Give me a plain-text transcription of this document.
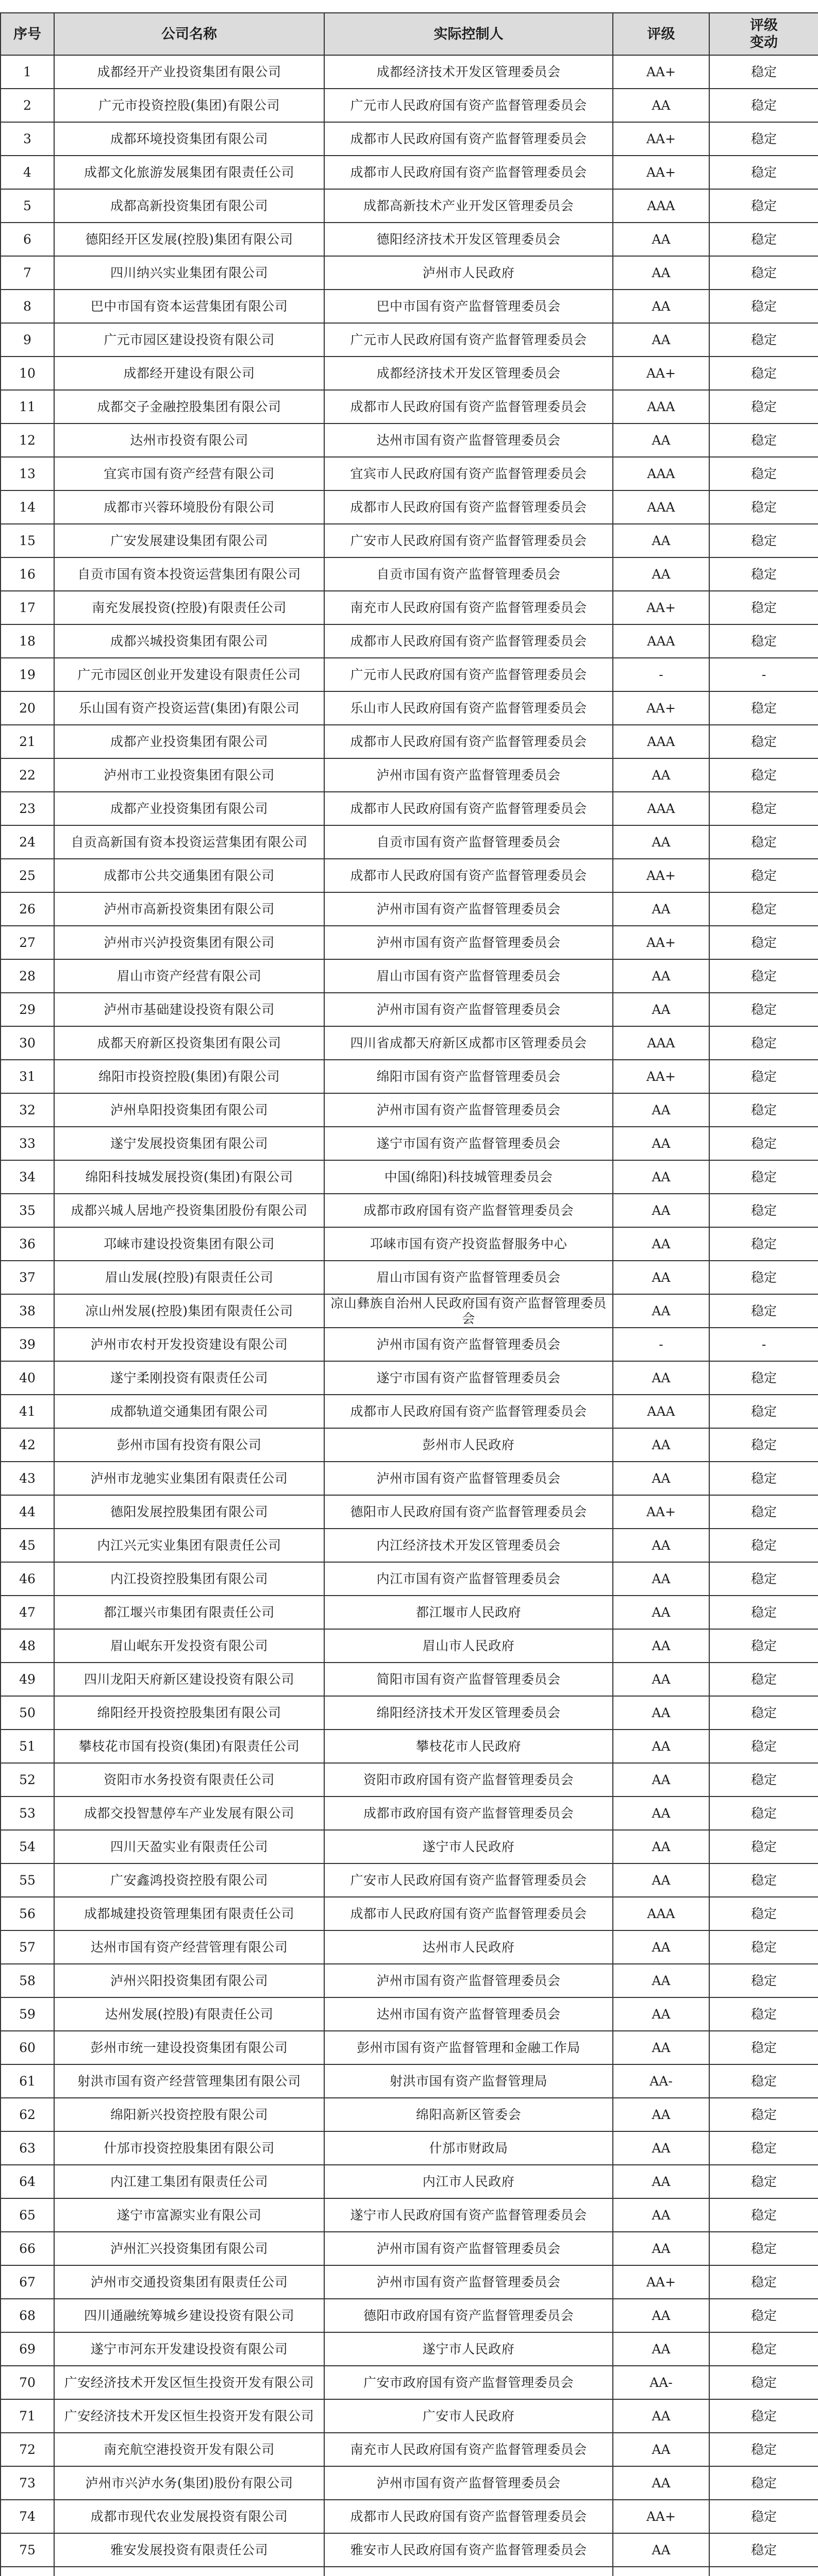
序号	公司名称	实际控制人	评级	评级
变动
1	成都经开产业投资集团有限公司	成都经济技术开发区管理委员会	AA+	稳定
2	广元市投资控股(集团)有限公司	广元市人民政府国有资产监督管理委员会	AA	稳定
3	成都环境投资集团有限公司	成都市人民政府国有资产监督管理委员会	AA+	稳定
4	成都文化旅游发展集团有限责任公司	成都市人民政府国有资产监督管理委员会	AA+	稳定
5	成都高新投资集团有限公司	成都高新技术产业开发区管理委员会	AAA	稳定
6	德阳经开区发展(控股)集团有限公司	德阳经济技术开发区管理委员会	AA	稳定
7	四川纳兴实业集团有限公司	泸州市人民政府	AA	稳定
8	巴中市国有资本运营集团有限公司	巴中市国有资产监督管理委员会	AA	稳定
9	广元市园区建设投资有限公司	广元市人民政府国有资产监督管理委员会	AA	稳定
10	成都经开建设有限公司	成都经济技术开发区管理委员会	AA+	稳定
11	成都交子金融控股集团有限公司	成都市人民政府国有资产监督管理委员会	AAA	稳定
12	达州市投资有限公司	达州市国有资产监督管理委员会	AA	稳定
13	宜宾市国有资产经营有限公司	宜宾市人民政府国有资产监督管理委员会	AAA	稳定
14	成都市兴蓉环境股份有限公司	成都市人民政府国有资产监督管理委员会	AAA	稳定
15	广安发展建设集团有限公司	广安市人民政府国有资产监督管理委员会	AA	稳定
16	自贡市国有资本投资运营集团有限公司	自贡市国有资产监督管理委员会	AA	稳定
17	南充发展投资(控股)有限责任公司	南充市人民政府国有资产监督管理委员会	AA+	稳定
18	成都兴城投资集团有限公司	成都市人民政府国有资产监督管理委员会	AAA	稳定
19	广元市园区创业开发建设有限责任公司	广元市人民政府国有资产监督管理委员会	-	-
20	乐山国有资产投资运营(集团)有限公司	乐山市人民政府国有资产监督管理委员会	AA+	稳定
21	成都产业投资集团有限公司	成都市人民政府国有资产监督管理委员会	AAA	稳定
22	泸州市工业投资集团有限公司	泸州市国有资产监督管理委员会	AA	稳定
23	成都产业投资集团有限公司	成都市人民政府国有资产监督管理委员会	AAA	稳定
24	自贡高新国有资本投资运营集团有限公司	自贡市国有资产监督管理委员会	AA	稳定
25	成都市公共交通集团有限公司	成都市人民政府国有资产监督管理委员会	AA+	稳定
26	泸州市高新投资集团有限公司	泸州市国有资产监督管理委员会	AA	稳定
27	泸州市兴泸投资集团有限公司	泸州市国有资产监督管理委员会	AA+	稳定
28	眉山市资产经营有限公司	眉山市国有资产监督管理委员会	AA	稳定
29	泸州市基础建设投资有限公司	泸州市国有资产监督管理委员会	AA	稳定
30	成都天府新区投资集团有限公司	四川省成都天府新区成都市区管理委员会	AAA	稳定
31	绵阳市投资控股(集团)有限公司	绵阳市国有资产监督管理委员会	AA+	稳定
32	泸州阜阳投资集团有限公司	泸州市国有资产监督管理委员会	AA	稳定
33	遂宁发展投资集团有限公司	遂宁市国有资产监督管理委员会	AA	稳定
34	绵阳科技城发展投资(集团)有限公司	中国(绵阳)科技城管理委员会	AA	稳定
35	成都兴城人居地产投资集团股份有限公司	成都市政府国有资产监督管理委员会	AA	稳定
36	邛崃市建设投资集团有限公司	邛崃市国有资产投资监督服务中心	AA	稳定
37	眉山发展(控股)有限责任公司	眉山市国有资产监督管理委员会	AA	稳定
38	凉山州发展(控股)集团有限责任公司	凉山彝族自治州人民政府国有资产监督管理委员会	AA	稳定
39	泸州市农村开发投资建设有限公司	泸州市国有资产监督管理委员会	-	-
40	遂宁柔刚投资有限责任公司	遂宁市国有资产监督管理委员会	AA	稳定
41	成都轨道交通集团有限公司	成都市人民政府国有资产监督管理委员会	AAA	稳定
42	彭州市国有投资有限公司	彭州市人民政府	AA	稳定
43	泸州市龙驰实业集团有限责任公司	泸州市国有资产监督管理委员会	AA	稳定
44	德阳发展控股集团有限公司	德阳市人民政府国有资产监督管理委员会	AA+	稳定
45	内江兴元实业集团有限责任公司	内江经济技术开发区管理委员会	AA	稳定
46	内江投资控股集团有限公司	内江市国有资产监督管理委员会	AA	稳定
47	都江堰兴市集团有限责任公司	都江堰市人民政府	AA	稳定
48	眉山岷东开发投资有限公司	眉山市人民政府	AA	稳定
49	四川龙阳天府新区建设投资有限公司	简阳市国有资产监督管理委员会	AA	稳定
50	绵阳经开投资控股集团有限公司	绵阳经济技术开发区管理委员会	AA	稳定
51	攀枝花市国有投资(集团)有限责任公司	攀枝花市人民政府	AA	稳定
52	资阳市水务投资有限责任公司	资阳市政府国有资产监督管理委员会	AA	稳定
53	成都交投智慧停车产业发展有限公司	成都市政府国有资产监督管理委员会	AA	稳定
54	四川天盈实业有限责任公司	遂宁市人民政府	AA	稳定
55	广安鑫鸿投资控股有限公司	广安市人民政府国有资产监督管理委员会	AA	稳定
56	成都城建投资管理集团有限责任公司	成都市人民政府国有资产监督管理委员会	AAA	稳定
57	达州市国有资产经营管理有限公司	达州市人民政府	AA	稳定
58	泸州兴阳投资集团有限公司	泸州市国有资产监督管理委员会	AA	稳定
59	达州发展(控股)有限责任公司	达州市国有资产监督管理委员会	AA	稳定
60	彭州市统一建设投资集团有限公司	彭州市国有资产监督管理和金融工作局	AA	稳定
61	射洪市国有资产经营管理集团有限公司	射洪市国有资产监督管理局	AA-	稳定
62	绵阳新兴投资控股有限公司	绵阳高新区管委会	AA	稳定
63	什邡市投资控股集团有限公司	什邡市财政局	AA	稳定
64	内江建工集团有限责任公司	内江市人民政府	AA	稳定
65	遂宁市富源实业有限公司	遂宁市人民政府国有资产监督管理委员会	AA	稳定
66	泸州汇兴投资集团有限公司	泸州市国有资产监督管理委员会	AA	稳定
67	泸州市交通投资集团有限责任公司	泸州市国有资产监督管理委员会	AA+	稳定
68	四川通融统筹城乡建设投资有限公司	德阳市政府国有资产监督管理委员会	AA	稳定
69	遂宁市河东开发建设投资有限公司	遂宁市人民政府	AA	稳定
70	广安经济技术开发区恒生投资开发有限公司	广安市政府国有资产监督管理委员会	AA-	稳定
71	广安经济技术开发区恒生投资开发有限公司	广安市人民政府	AA	稳定
72	南充航空港投资开发有限公司	南充市人民政府国有资产监督管理委员会	AA	稳定
73	泸州市兴泸水务(集团)股份有限公司	泸州市国有资产监督管理委员会	AA	稳定
74	成都市现代农业发展投资有限公司	成都市人民政府国有资产监督管理委员会	AA+	稳定
75	雅安发展投资有限责任公司	雅安市人民政府国有资产监督管理委员会	AA	稳定
